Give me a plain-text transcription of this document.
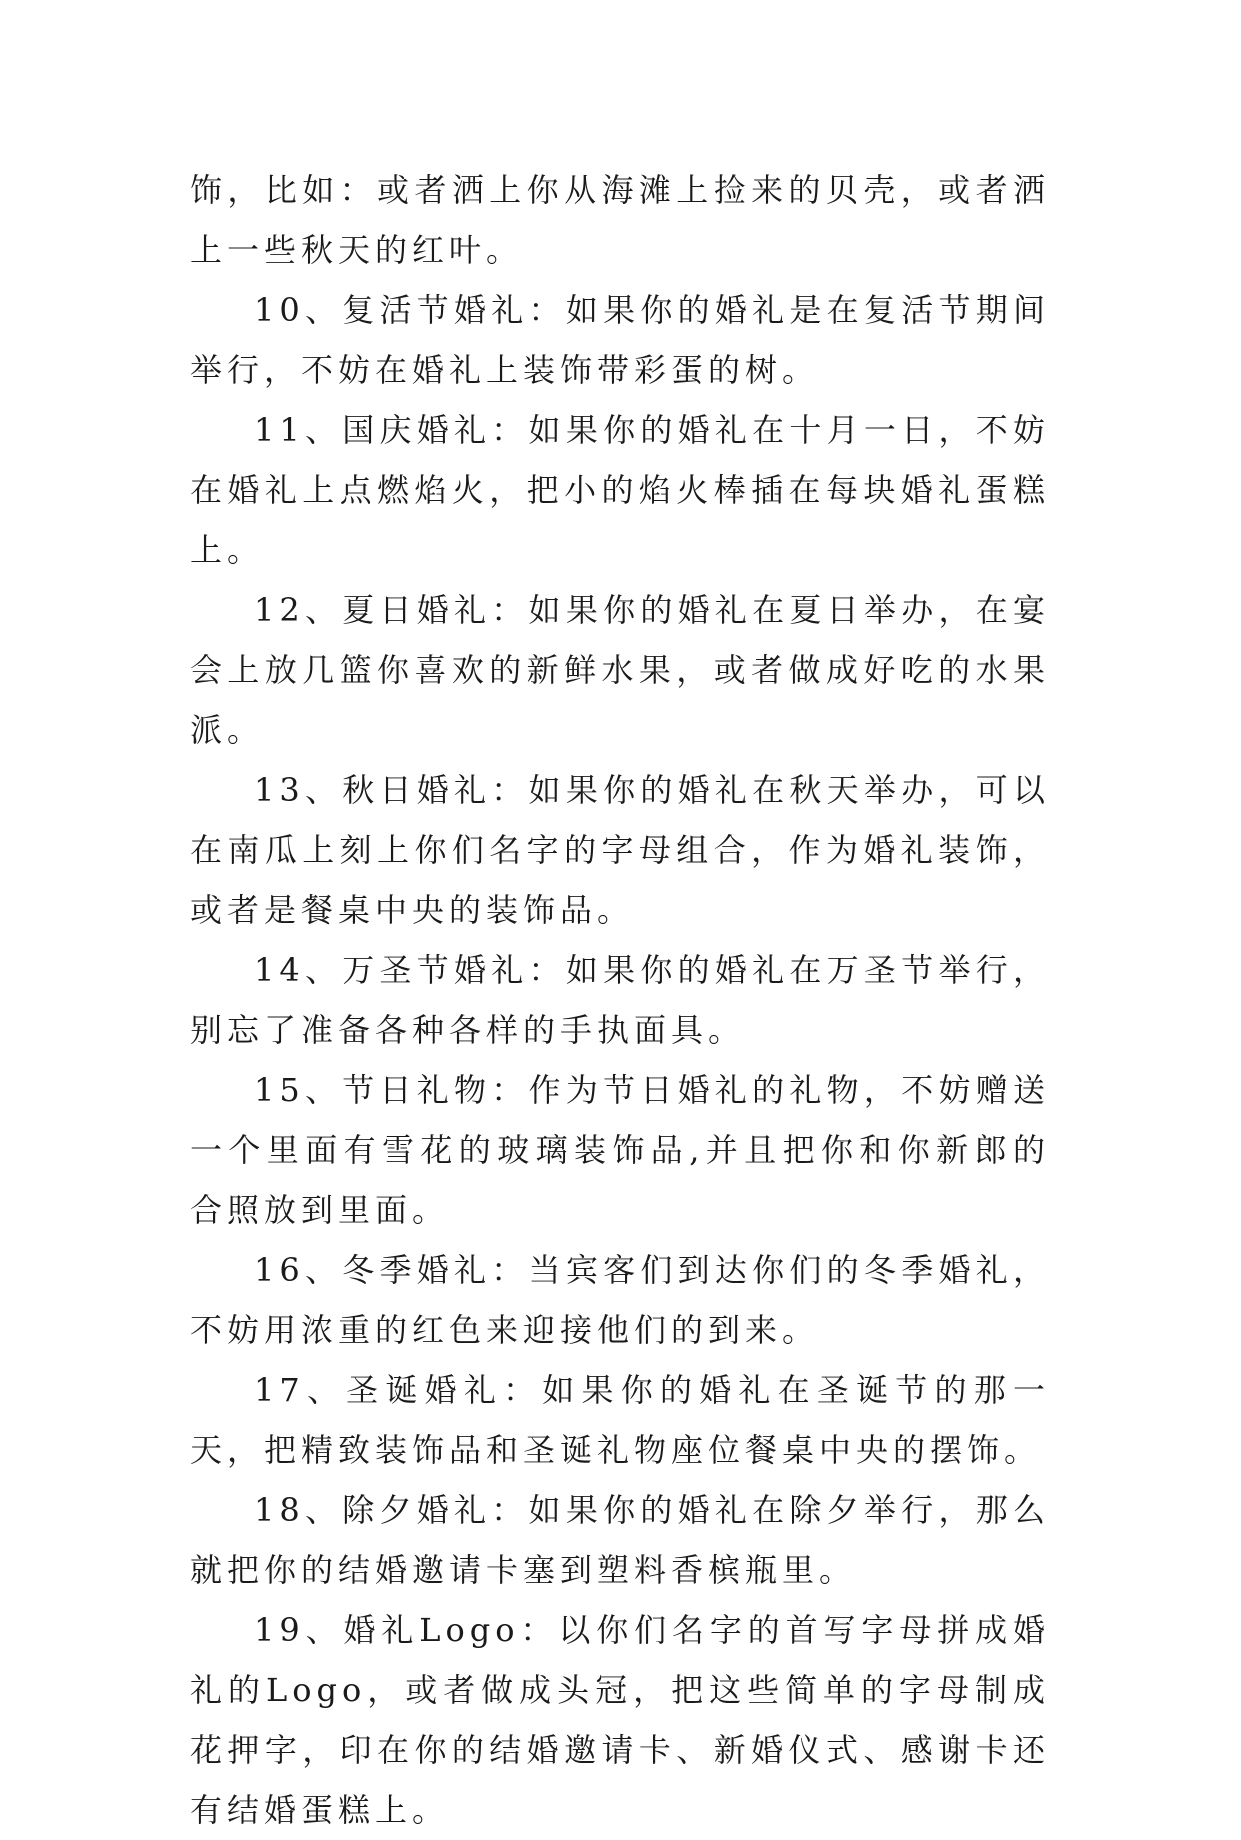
饰，比如：或者洒上你从海滩上捡来的贝壳，或者洒上一些秋天的红叶。

10、复活节婚礼：如果你的婚礼是在复活节期间举行，不妨在婚礼上装饰带彩蛋的树。

11、国庆婚礼：如果你的婚礼在十月一日，不妨在婚礼上点燃焰火，把小的焰火棒插在每块婚礼蛋糕上。

12、夏日婚礼：如果你的婚礼在夏日举办，在宴会上放几篮你喜欢的新鲜水果，或者做成好吃的水果派。

13、秋日婚礼：如果你的婚礼在秋天举办，可以在南瓜上刻上你们名字的字母组合，作为婚礼装饰，或者是餐桌中央的装饰品。

14、万圣节婚礼：如果你的婚礼在万圣节举行，别忘了准备各种各样的手执面具。

15、节日礼物：作为节日婚礼的礼物，不妨赠送一个里面有雪花的玻璃装饰品,并且把你和你新郎的合照放到里面。

16、冬季婚礼：当宾客们到达你们的冬季婚礼，不妨用浓重的红色来迎接他们的到来。

17、圣诞婚礼：如果你的婚礼在圣诞节的那一天，把精致装饰品和圣诞礼物座位餐桌中央的摆饰。

18、除夕婚礼：如果你的婚礼在除夕举行，那么就把你的结婚邀请卡塞到塑料香槟瓶里。

19、婚礼Logo：以你们名字的首写字母拼成婚礼的Logo，或者做成头冠，把这些简单的字母制成花押字，印在你的结婚邀请卡、新婚仪式、感谢卡还有结婚蛋糕上。
